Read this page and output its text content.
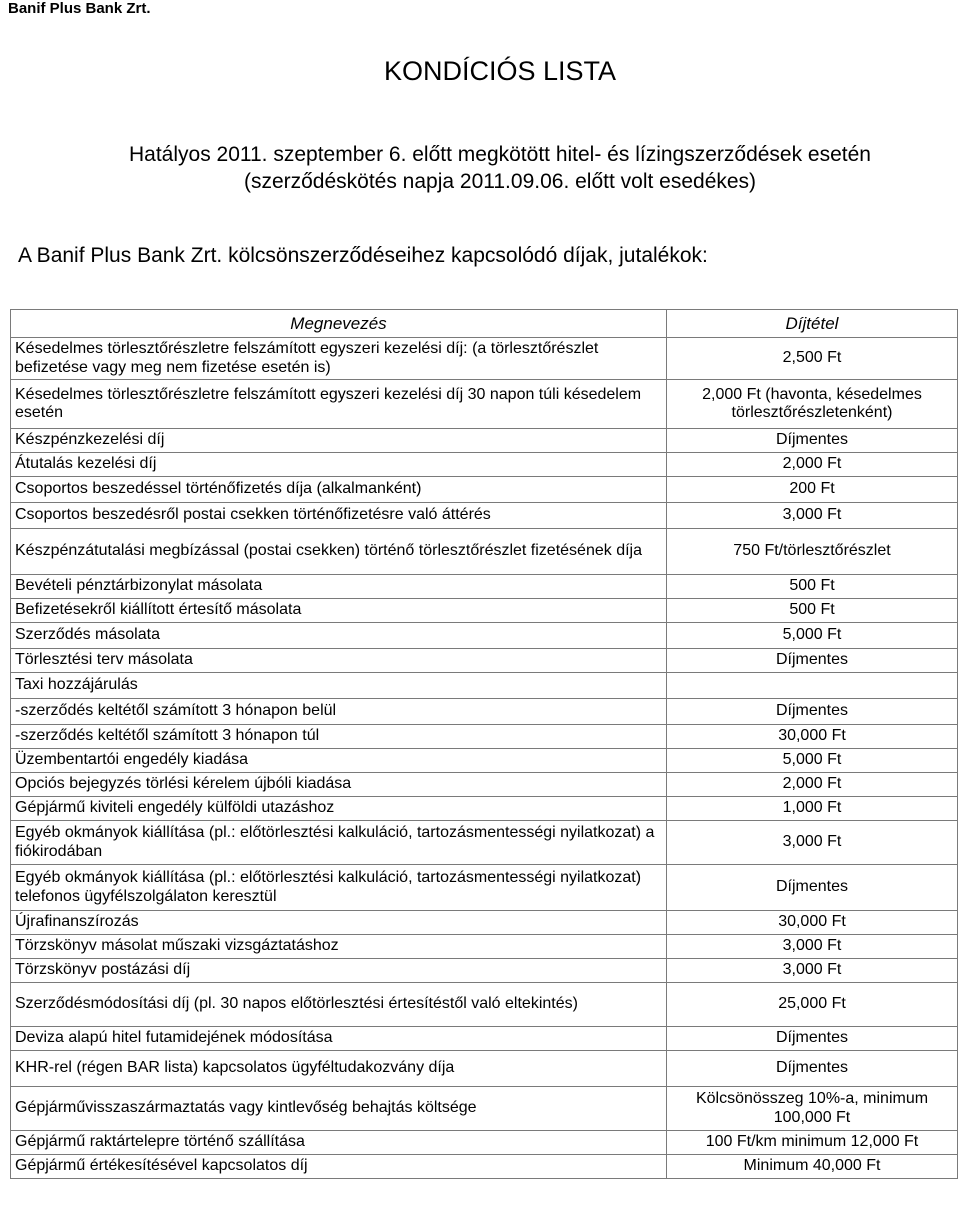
Banif Plus Bank Zrt.
KONDÍCIÓS LISTA
Hatályos 2011. szeptember 6. előtt megkötött hitel- és lízingszerződések esetén
(szerződéskötés napja 2011.09.06. előtt volt esedékes)
A Banif Plus Bank Zrt. kölcsönszerződéseihez kapcsolódó díjak, jutalékok:
Megnevezés	Díjtétel
Késedelmes törlesztőrészletre felszámított egyszeri kezelési díj: (a törlesztőrészlet befizetése vagy meg nem fizetése esetén is)	2,500 Ft
Késedelmes törlesztőrészletre felszámított egyszeri kezelési díj 30 napon túli késedelem esetén	2,000 Ft (havonta, késedelmes törlesztőrészletenként)
Készpénzkezelési díj	Díjmentes
Átutalás kezelési díj	2,000 Ft
Csoportos beszedéssel történőfizetés díja (alkalmanként)	200 Ft
Csoportos beszedésről postai csekken történőfizetésre való áttérés	3,000 Ft
Készpénzátutalási megbízással (postai csekken) történő törlesztőrészlet fizetésének díja	750 Ft/törlesztőrészlet
Bevételi pénztárbizonylat másolata	500 Ft
Befizetésekről kiállított értesítő másolata	500 Ft
Szerződés másolata	5,000 Ft
Törlesztési terv másolata	Díjmentes
Taxi hozzájárulás	
-szerződés keltétől számított 3 hónapon belül	Díjmentes
-szerződés keltétől számított 3 hónapon túl	30,000 Ft
Üzembentartói engedély kiadása	5,000 Ft
Opciós bejegyzés törlési kérelem újbóli kiadása	2,000 Ft
Gépjármű kiviteli engedély külföldi utazáshoz	1,000 Ft
Egyéb okmányok kiállítása (pl.: előtörlesztési kalkuláció, tartozásmentességi nyilatkozat) a fiókirodában	3,000 Ft
Egyéb okmányok kiállítása (pl.: előtörlesztési kalkuláció, tartozásmentességi nyilatkozat) telefonos ügyfélszolgálaton keresztül	Díjmentes
Újrafinanszírozás	30,000 Ft
Törzskönyv másolat műszaki vizsgáztatáshoz	3,000 Ft
Törzskönyv postázási díj	3,000 Ft
Szerződésmódosítási díj (pl. 30 napos előtörlesztési értesítéstől való eltekintés)	25,000 Ft
Deviza alapú hitel futamidejének módosítása	Díjmentes
KHR-rel (régen BAR lista) kapcsolatos ügyféltudakozvány díja	Díjmentes
Gépjárművisszaszármaztatás vagy kintlevőség behajtás költsége	Kölcsönösszeg 10%-a, minimum 100,000 Ft
Gépjármű raktártelepre történő szállítása	100 Ft/km minimum 12,000 Ft
Gépjármű értékesítésével kapcsolatos díj	Minimum 40,000 Ft
